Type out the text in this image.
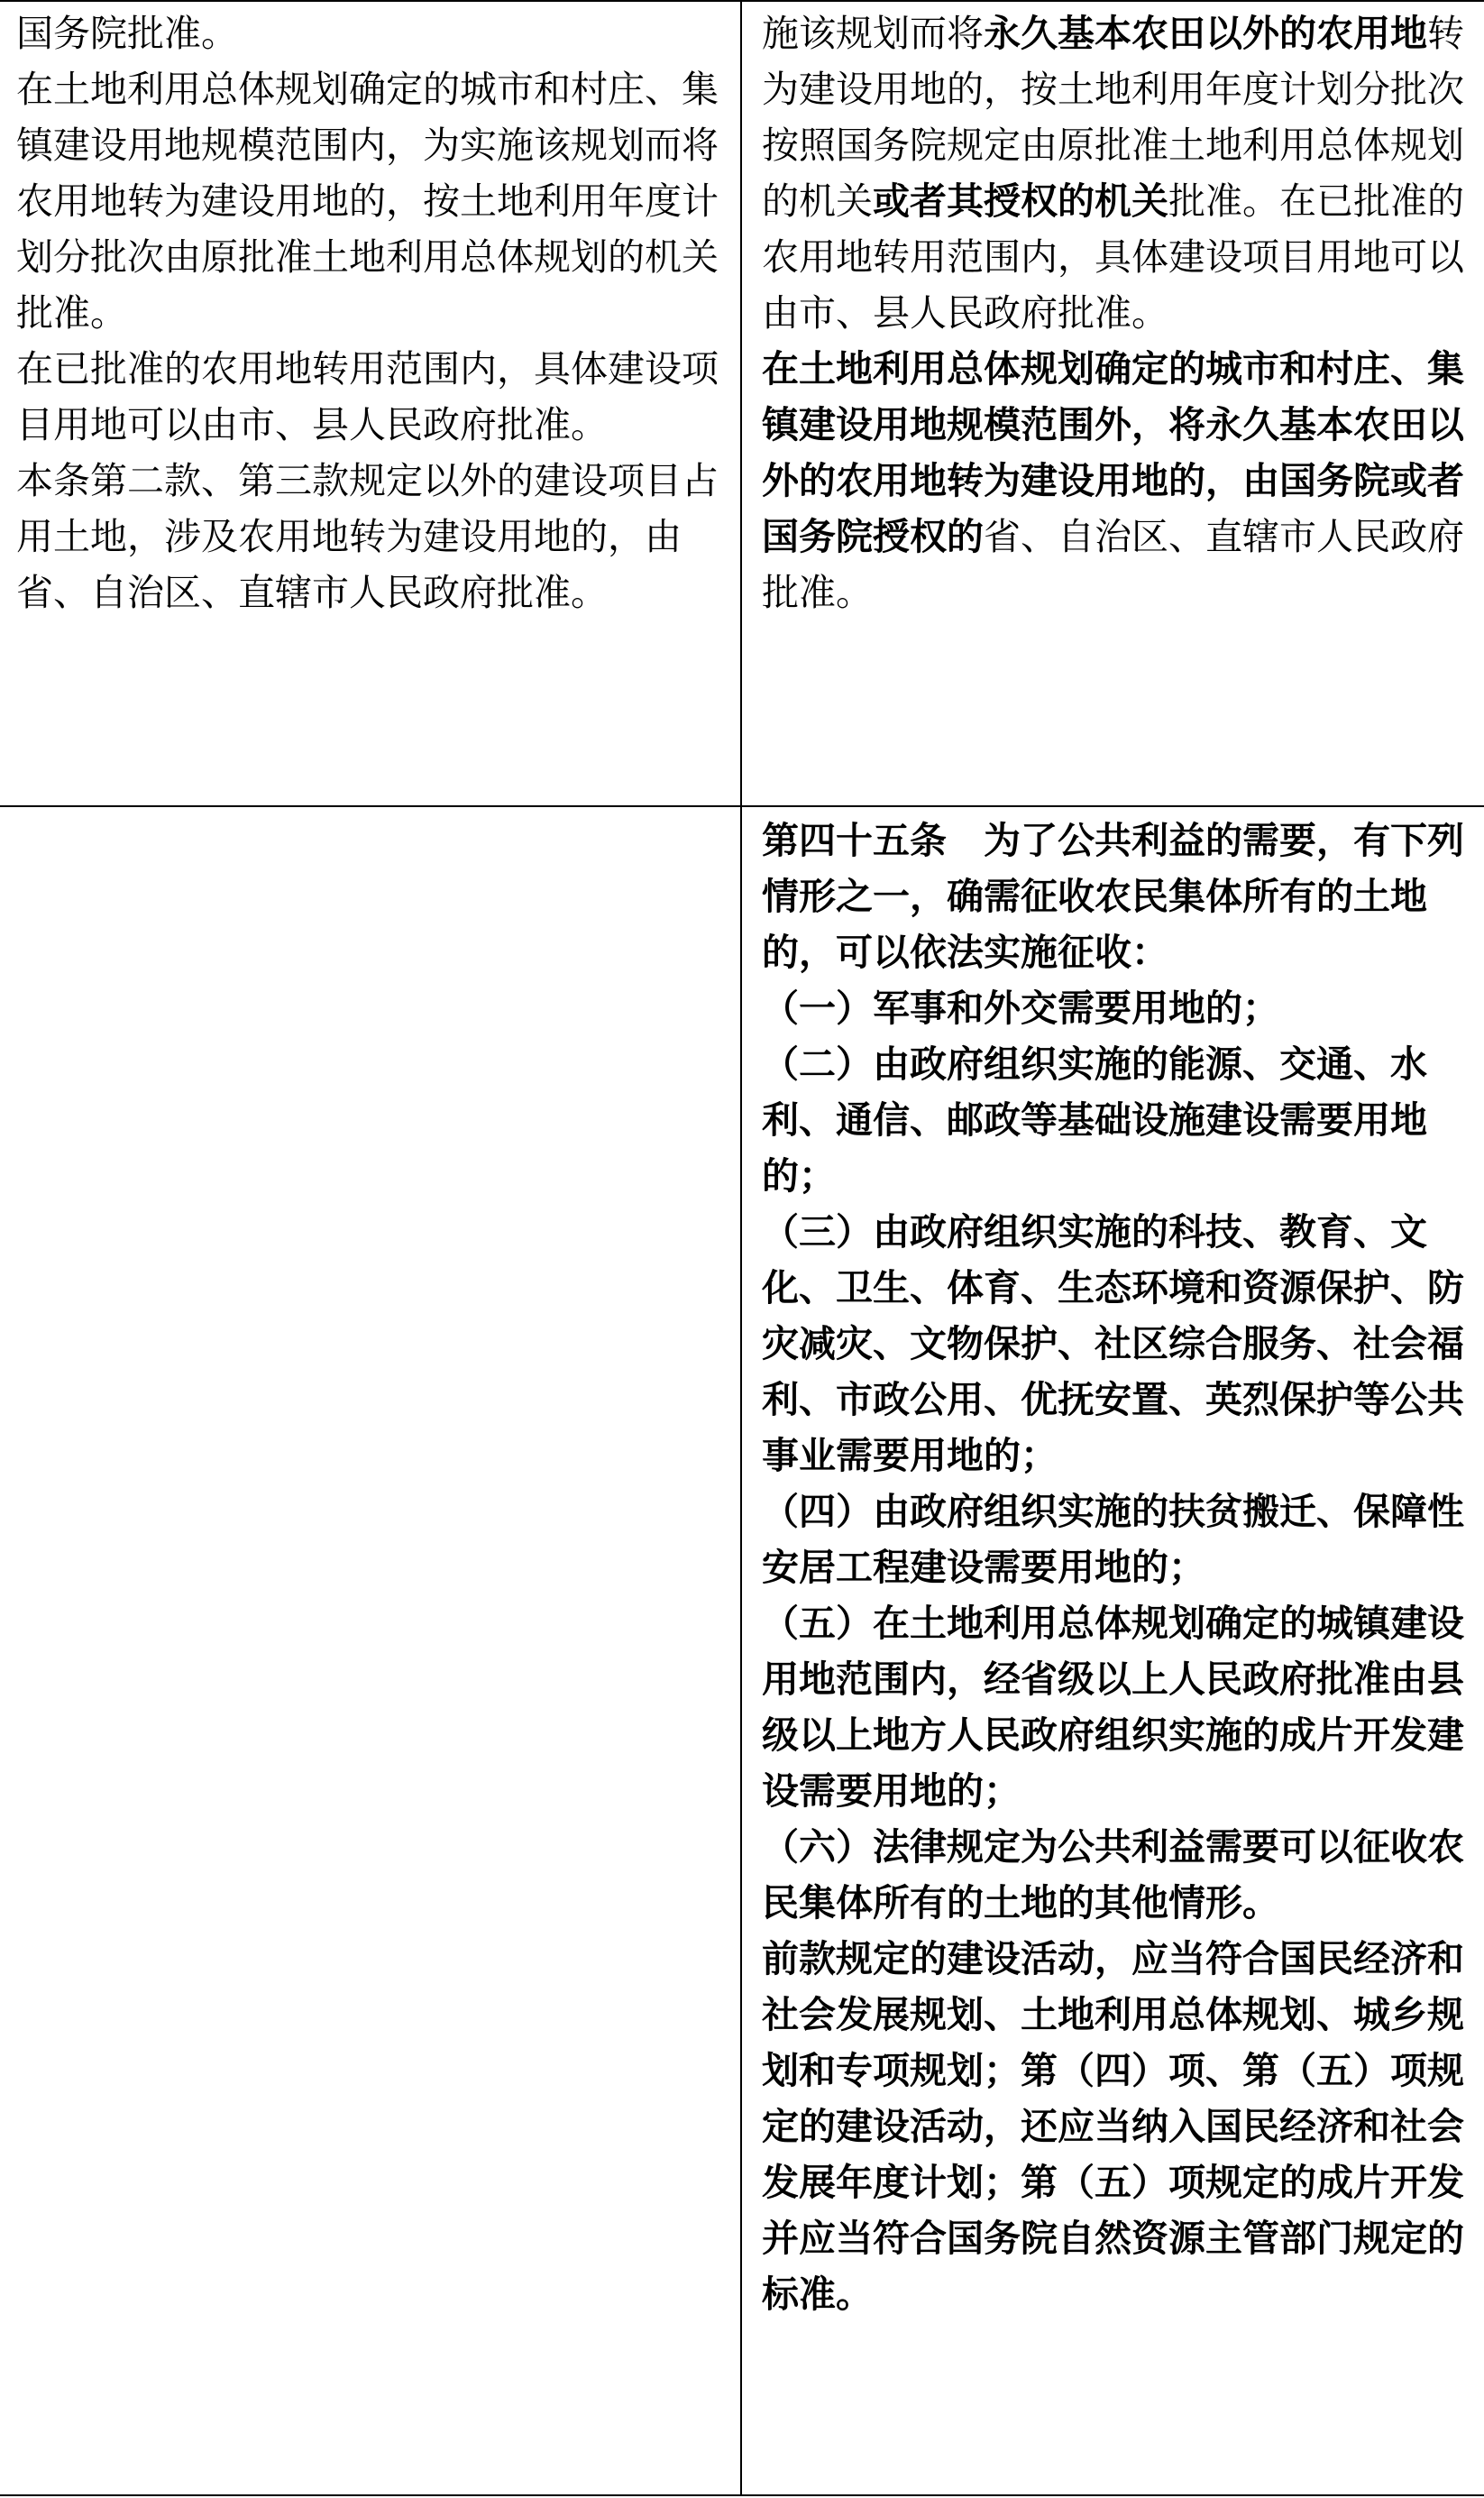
国务院批准。

在土地利用总体规划确定的城市和村庄、集镇建设用地规模范围内，为实施该规划而将农用地转为建设用地的，按土地利用年度计划分批次由原批准土地利用总体规划的机关批准。

在已批准的农用地转用范围内，具体建设项目用地可以由市、县人民政府批准。

本条第二款、第三款规定以外的建设项目占用土地，涉及农用地转为建设用地的，由省、自治区、直辖市人民政府批准。

施该规划而将永久基本农田以外的农用地转为建设用地的，按土地利用年度计划分批次按照国务院规定由原批准土地利用总体规划的机关或者其授权的机关批准。在已批准的农用地转用范围内，具体建设项目用地可以由市、县人民政府批准。

在土地利用总体规划确定的城市和村庄、集镇建设用地规模范围外，将永久基本农田以外的农用地转为建设用地的，由国务院或者国务院授权的省、自治区、直辖市人民政府批准。

第四十五条　为了公共利益的需要，有下列情形之一，确需征收农民集体所有的土地的，可以依法实施征收：

（一）军事和外交需要用地的；

（二）由政府组织实施的能源、交通、水利、通信、邮政等基础设施建设需要用地的；

（三）由政府组织实施的科技、教育、文化、卫生、体育、生态环境和资源保护、防灾减灾、文物保护、社区综合服务、社会福利、市政公用、优抚安置、英烈保护等公共事业需要用地的；

（四）由政府组织实施的扶贫搬迁、保障性安居工程建设需要用地的；

（五）在土地利用总体规划确定的城镇建设用地范围内，经省级以上人民政府批准由县级以上地方人民政府组织实施的成片开发建设需要用地的；

（六）法律规定为公共利益需要可以征收农民集体所有的土地的其他情形。

前款规定的建设活动，应当符合国民经济和社会发展规划、土地利用总体规划、城乡规划和专项规划；第（四）项、第（五）项规定的建设活动，还应当纳入国民经济和社会发展年度计划；第（五）项规定的成片开发并应当符合国务院自然资源主管部门规定的标准。
